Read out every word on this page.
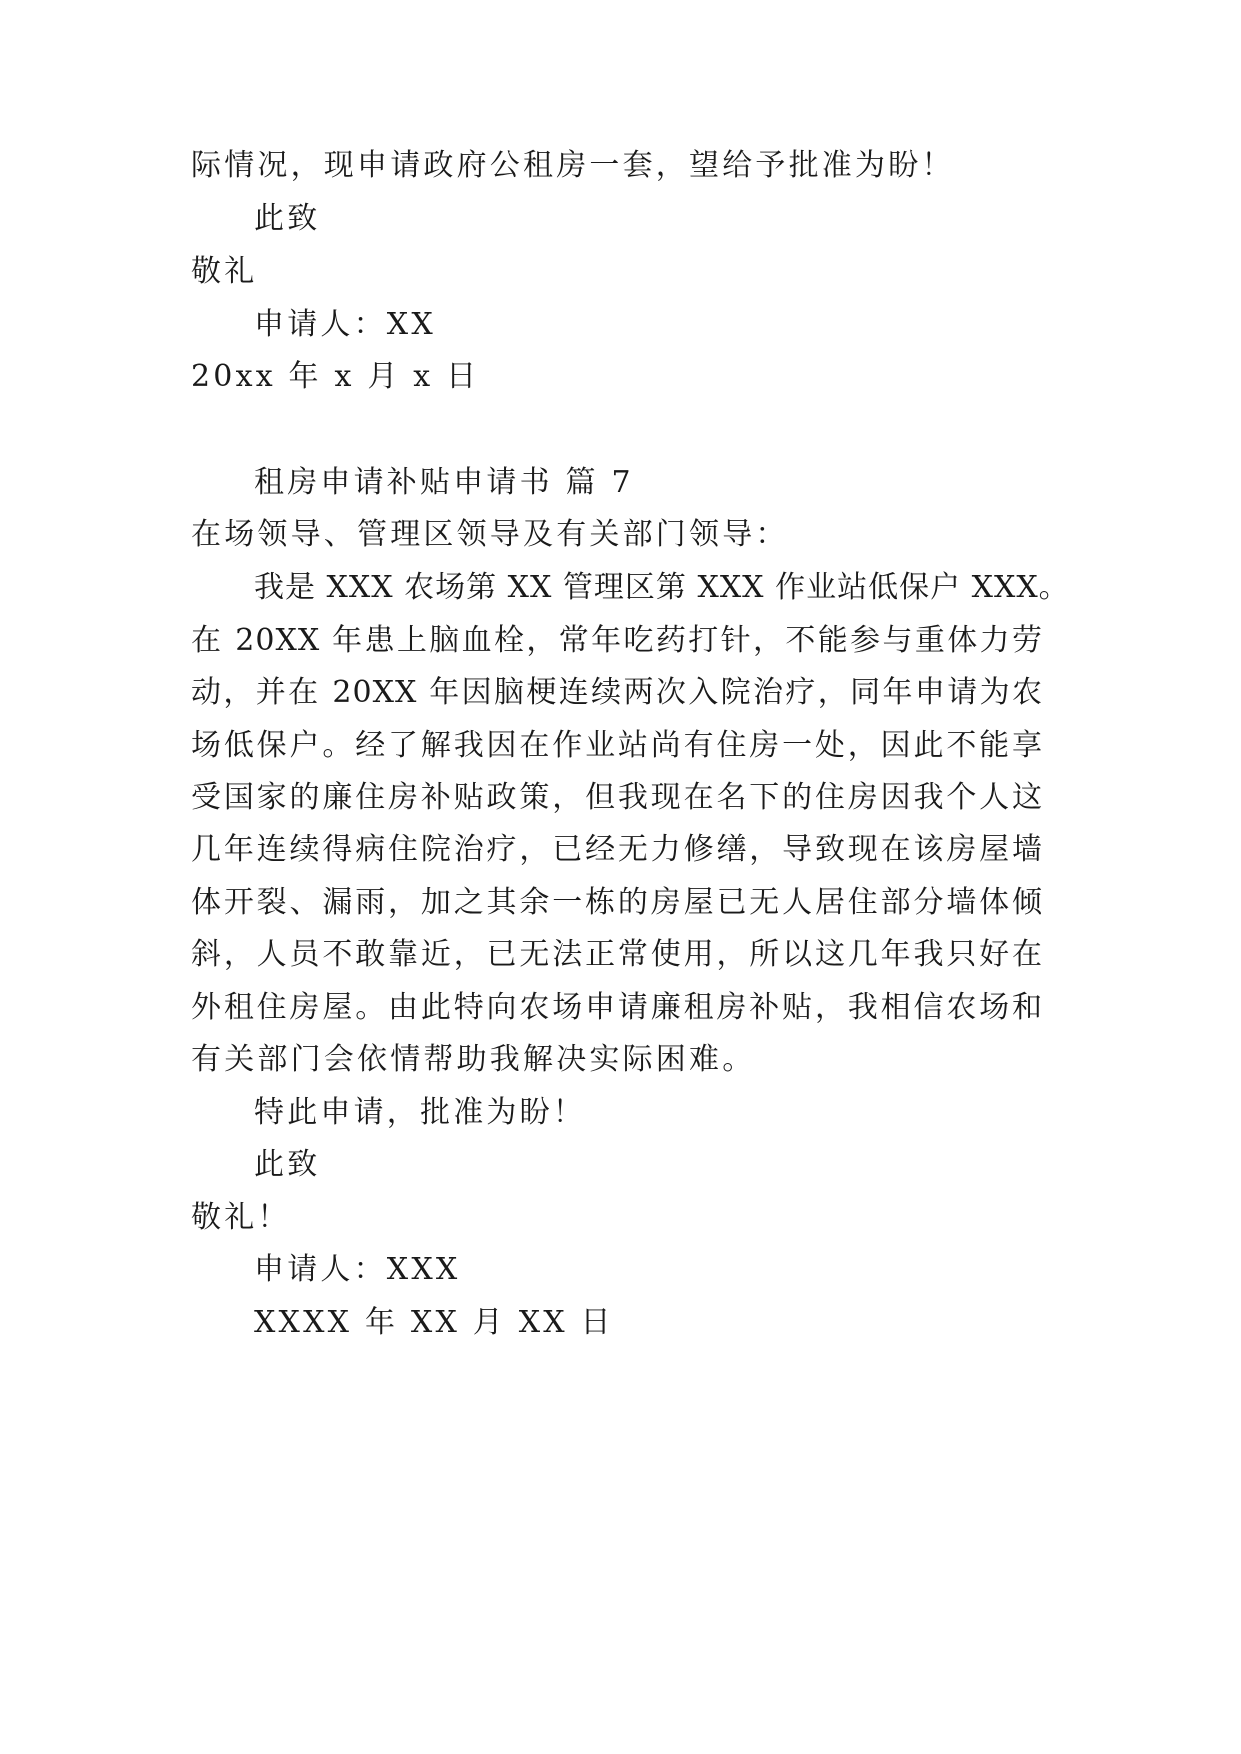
际情况，现申请政府公租房一套，望给予批准为盼！
此致
敬礼
申请人：XX
20xx 年 x 月 x 日
租房申请补贴申请书 篇 7
在场领导、管理区领导及有关部门领导：
我是 XXX 农场第 XX 管理区第 XXX 作业站低保户 XXX。
在 20XX 年患上脑血栓，常年吃药打针，不能参与重体力劳
动，并在 20XX 年因脑梗连续两次入院治疗，同年申请为农
场低保户。经了解我因在作业站尚有住房一处，因此不能享
受国家的廉住房补贴政策，但我现在名下的住房因我个人这
几年连续得病住院治疗，已经无力修缮，导致现在该房屋墙
体开裂、漏雨，加之其余一栋的房屋已无人居住部分墙体倾
斜，人员不敢靠近，已无法正常使用，所以这几年我只好在
外租住房屋。由此特向农场申请廉租房补贴，我相信农场和
有关部门会依情帮助我解决实际困难。
特此申请，批准为盼！
此致
敬礼！
申请人：XXX
XXXX 年 XX 月 XX 日
